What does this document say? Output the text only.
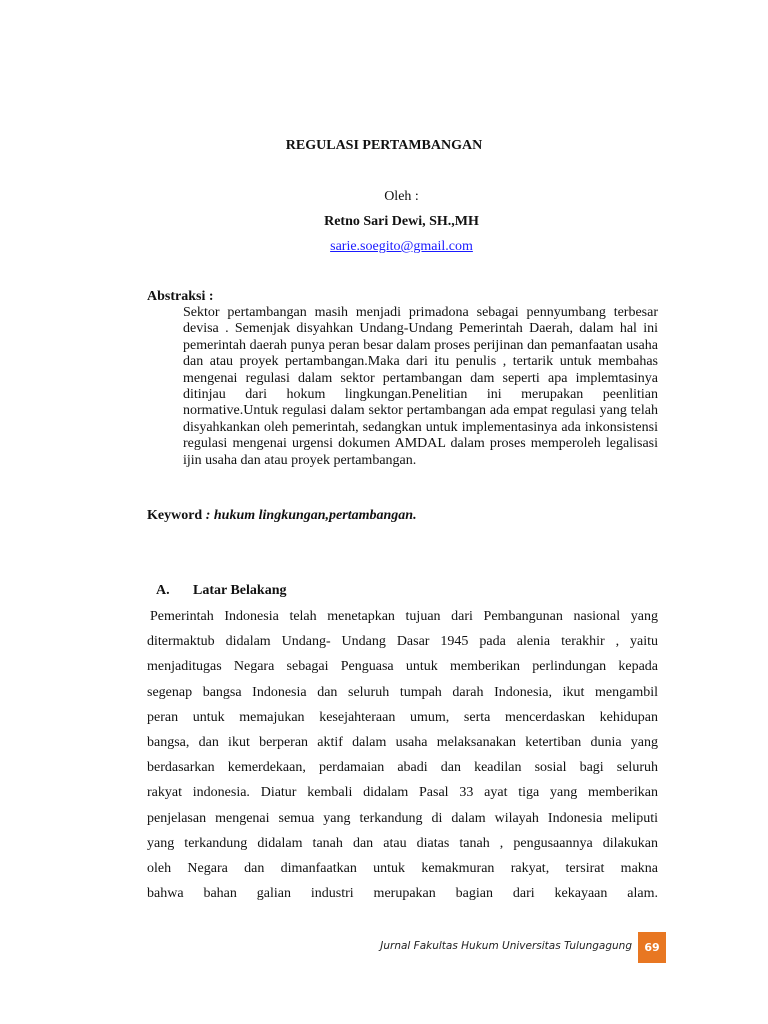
REGULASI PERTAMBANGAN
Oleh :
Retno Sari Dewi, SH.,MH
sarie.soegito@gmail.com
Abstraksi :
Sektor pertambangan masih menjadi primadona sebagai pennyumbang terbesar devisa . Semenjak disyahkan Undang-Undang Pemerintah Daerah, dalam hal ini pemerintah daerah punya peran besar dalam proses perijinan dan pemanfaatan usaha dan atau proyek pertambangan.Maka dari itu penulis , tertarik untuk membahas mengenai regulasi dalam sektor pertambangan dam seperti apa implemtasinya ditinjau dari hokum lingkungan.Penelitian ini merupakan peenlitian normative.Untuk regulasi dalam sektor pertambangan ada empat regulasi yang telah disyahkankan oleh pemerintah, sedangkan untuk implementasinya ada inkonsistensi regulasi mengenai urgensi dokumen AMDAL dalam proses memperoleh legalisasi ijin usaha dan atau proyek pertambangan.
Keyword : hukum lingkungan,pertambangan.
A. Latar Belakang
Pemerintah Indonesia telah menetapkan tujuan dari Pembangunan nasional yang
ditermaktub didalam Undang- Undang Dasar 1945 pada alenia terakhir , yaitu
menjaditugas Negara sebagai Penguasa untuk memberikan perlindungan kepada
segenap bangsa Indonesia dan seluruh tumpah darah Indonesia, ikut mengambil
peran untuk memajukan kesejahteraan umum, serta mencerdaskan kehidupan
bangsa, dan ikut berperan aktif dalam usaha melaksanakan ketertiban dunia yang
berdasarkan kemerdekaan, perdamaian abadi dan keadilan sosial bagi seluruh
rakyat indonesia. Diatur kembali didalam Pasal 33 ayat tiga yang memberikan
penjelasan mengenai semua yang terkandung di dalam wilayah Indonesia meliputi
yang terkandung didalam tanah dan atau diatas tanah , pengusaannya dilakukan
oleh Negara dan dimanfaatkan untuk kemakmuran rakyat, tersirat makna
bahwa bahan galian industri merupakan bagian dari kekayaan alam.
Jurnal Fakultas Hukum Universitas Tulungagung	69
